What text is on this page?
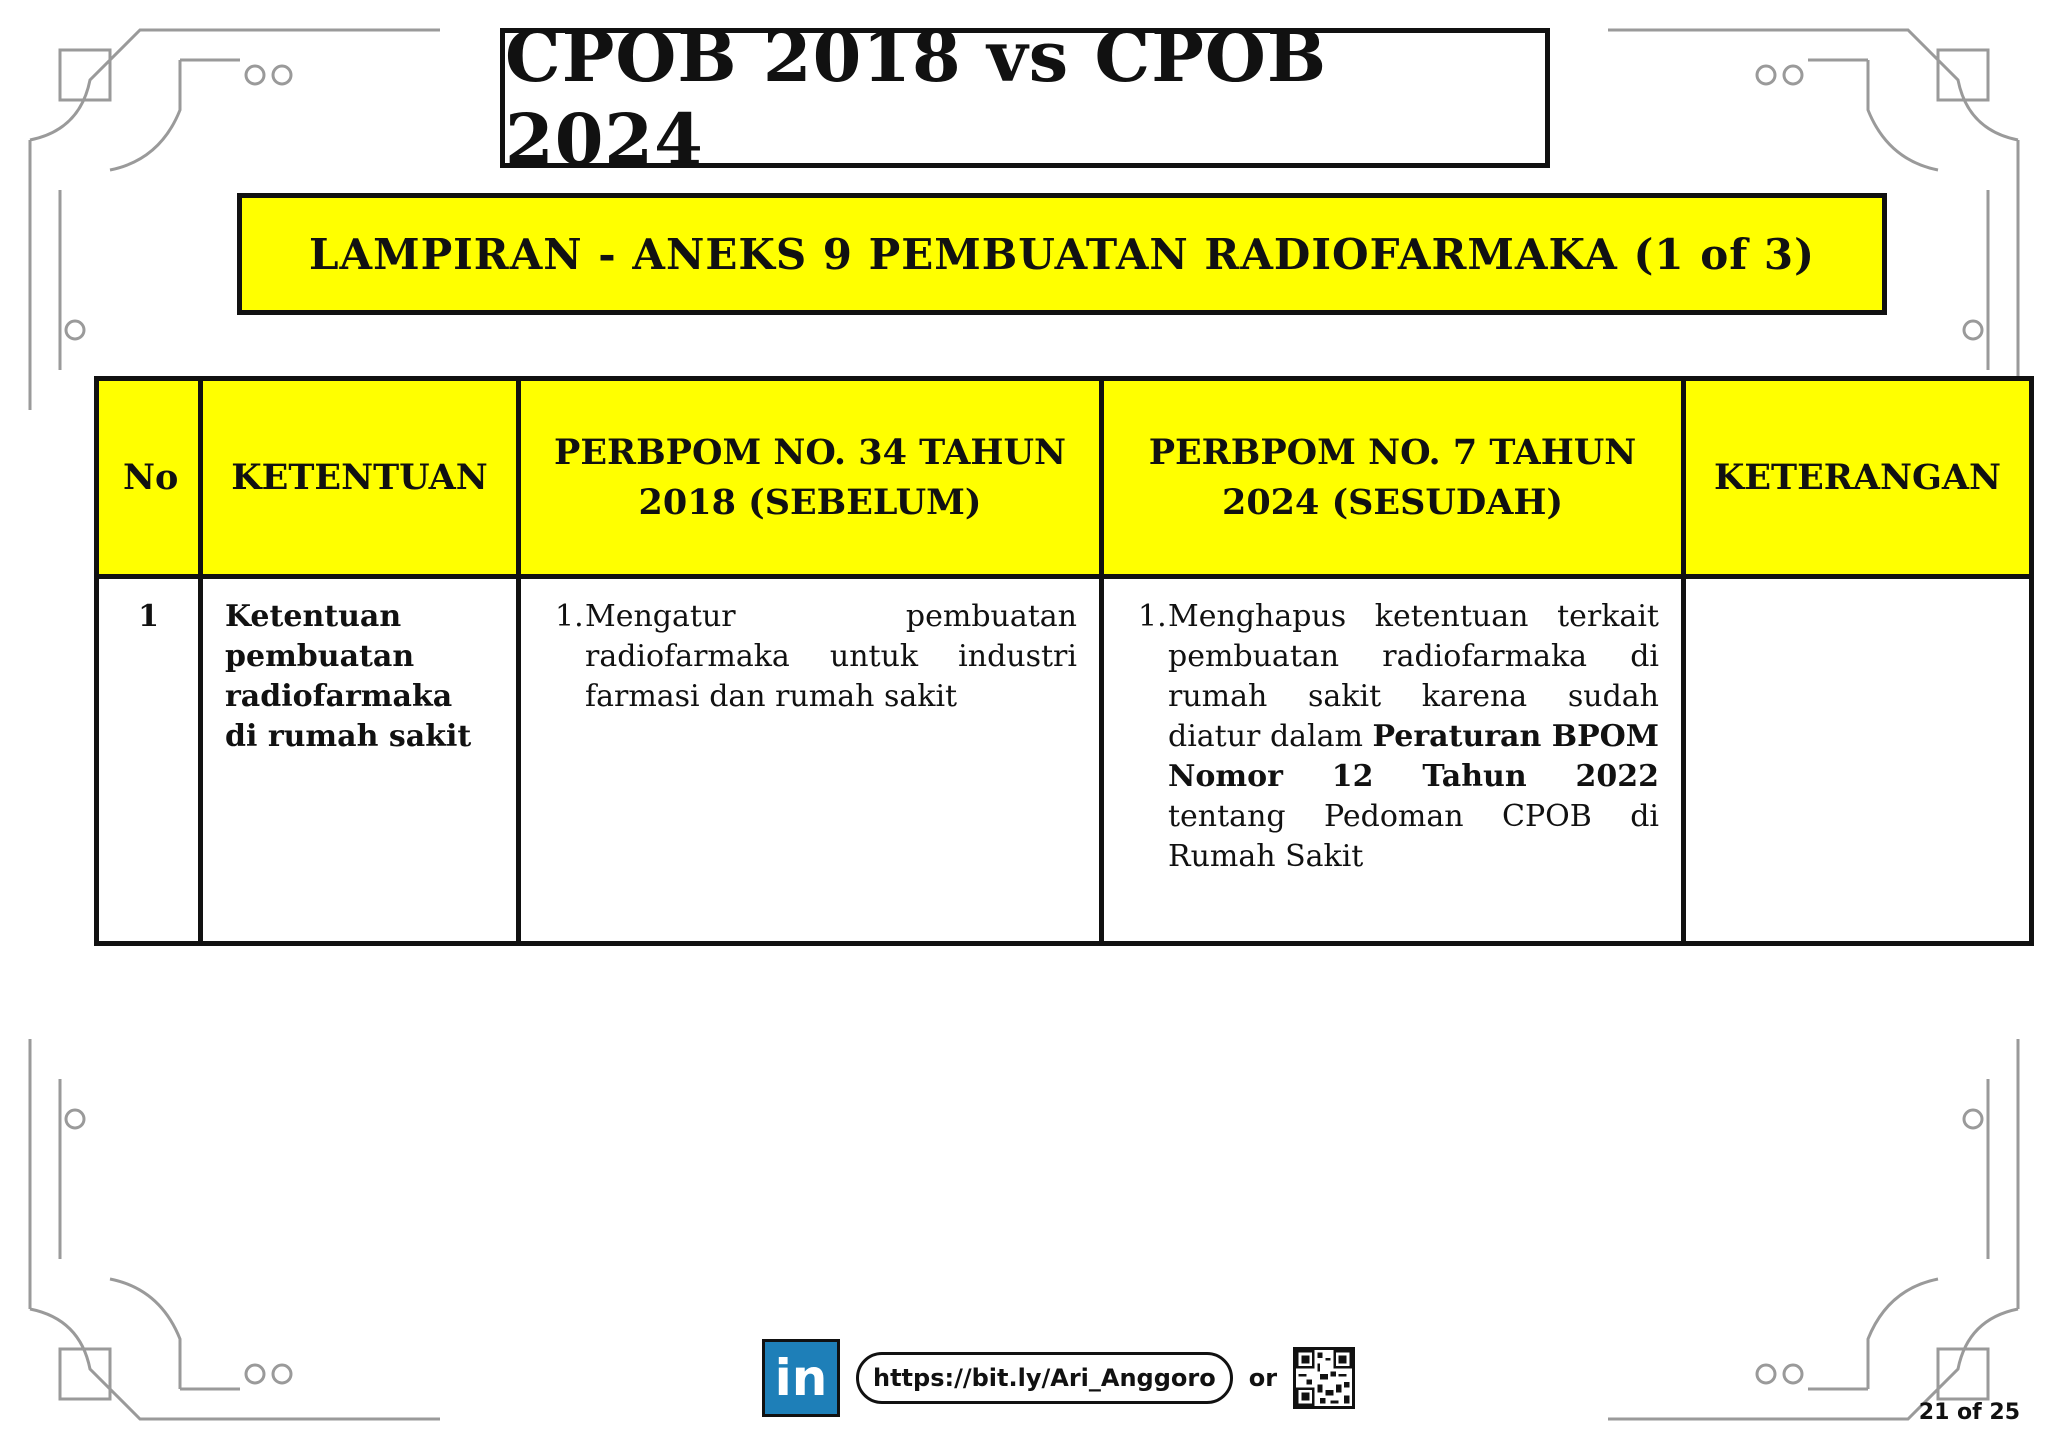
CPOB 2018 vs CPOB 2024
LAMPIRAN - ANEKS 9 PEMBUATAN RADIOFARMAKA (1 of 3)
No	KETENTUAN	PERBPOM NO. 34 TAHUN 2018 (SEBELUM)	PERBPOM NO. 7 TAHUN 2024 (SESUDAH)	KETERANGAN
1	Ketentuan pembuatan radiofarmaka di rumah sakit	1. Mengatur pembuatan radiofarmaka untuk industri farmasi dan rumah sakit	1. Menghapus ketentuan terkait pembuatan radiofarmaka di rumah sakit karena sudah diatur dalam Peraturan BPOM Nomor 12 Tahun 2022 tentang Pedoman CPOB di Rumah Sakit	

in	https://bit.ly/Ari_Anggoro	or
21 of 25
